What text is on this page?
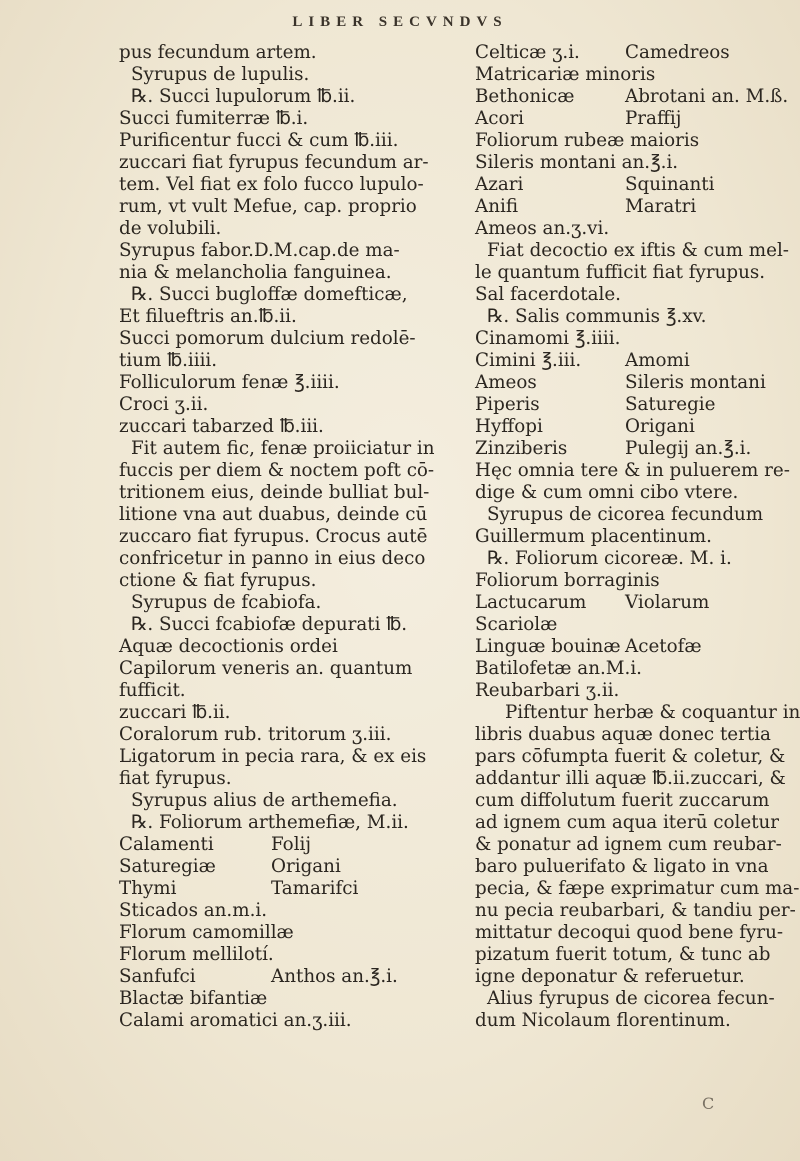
LIBER SECVNDVS
pus fecundum artem.
Syrupus de lupulis.
℞. Succi lupulorum ℔.ii.
Succi fumiterræ ℔.i.
Purificentur fucci & cum ℔.iii.
zuccari fiat fyrupus fecundum ar-
tem. Vel fiat ex folo fucco lupulo-
rum, vt vult Mefue, cap. proprio
de volubili.
Syrupus fabor.D.M.cap.de ma-
nia & melancholia fanguinea.
℞. Succi bugloffæ domefticæ,
Et filueftris an.℔.ii.
Succi pomorum dulcium redolē-
tium ℔.iiii.
Folliculorum fenæ ℥.iiii.
Croci ʒ.ii.
zuccari tabarzed ℔.iii.
Fit autem fic, fenæ proiiciatur in
fuccis per diem & noctem poft cō-
tritionem eius, deinde bulliat bul-
litione vna aut duabus, deinde cū
zuccaro fiat fyrupus. Crocus autē
confricetur in panno in eius deco
ctione & fiat fyrupus.
Syrupus de fcabiofa.
℞. Succi fcabiofæ depurati ℔.
Aquæ decoctionis ordei
Capilorum veneris an. quantum
fufficit.
zuccari ℔.ii.
Coralorum rub. tritorum ʒ.iii.
Ligatorum in pecia rara, & ex eis
fiat fyrupus.
Syrupus alius de arthemefia.
℞. Foliorum arthemefiæ, M.ii.
Calamenti	Folij
Saturegiæ	Origani
Thymi	Tamarifci
Sticados an.m.i.
Florum camomillæ
Florum mellilotí.
Sanfufci	Anthos an.℥.i.
Blactæ bifantiæ
Calami aromatici an.ʒ.iii.
Celticæ ʒ.i. Camedreos
Matricariæ minoris
Bethonicæ	Abrotani an. M.ß.
Acori	Praffij
Foliorum rubeæ maioris
Sileris montani an.℥.i.
Azari	Squinanti
Anifi	Maratri
Ameos an.ʒ.vi.
Fiat decoctio ex iftis & cum mel-
le quantum fufficit fiat fyrupus.
Sal facerdotale.
℞. Salis communis ℥.xv.
Cinamomi ℥.iiii.
Cimini ℥.iii. Amomi
Ameos	Sileris montani
Piperis	Saturegie
Hyffopi	Origani
Zinziberis	Pulegij an.℥.i.
Hęc omnia tere & in puluerem re-
dige & cum omni cibo vtere.
Syrupus de cicorea fecundum
Guillermum placentinum.
℞. Foliorum cicoreæ. M. i.
Foliorum borraginis
Lactucarum Violarum
Scariolæ
Linguæ bouinæ Acetofæ
Batilofetæ an.M.i.
Reubarbari ʒ.ii.
Piftentur herbæ & coquantur in
libris duabus aquæ donec tertia
pars cōfumpta fuerit & coletur, &
addantur illi aquæ ℔.ii.zuccari, &
cum diffolutum fuerit zuccarum
ad ignem cum aqua iterū coletur
& ponatur ad ignem cum reubar-
baro puluerifato & ligato in vna
pecia, & fæpe exprimatur cum ma-
nu pecia reubarbari, & tandiu per-
mittatur decoqui quod bene fyru-
pizatum fuerit totum, & tunc ab
igne deponatur & referuetur.
Alius fyrupus de cicorea fecun-
dum Nicolaum florentinum.
C
